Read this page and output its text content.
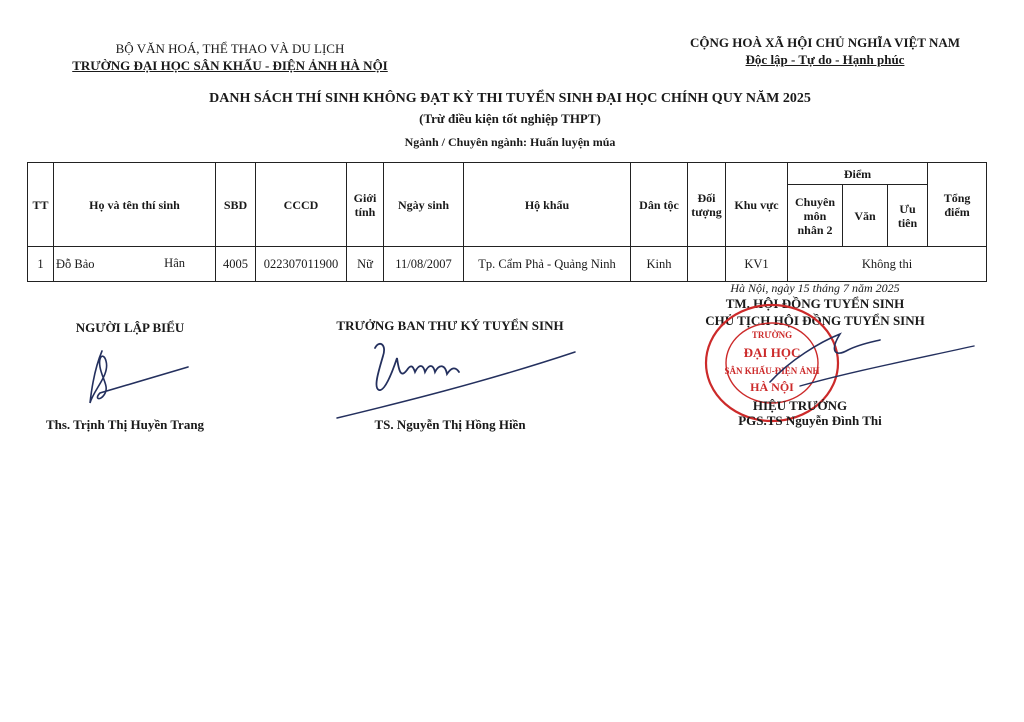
BỘ VĂN HOÁ, THỂ THAO VÀ DU LỊCH
TRƯỜNG ĐẠI HỌC SÂN KHẤU - ĐIỆN ẢNH HÀ NỘI
CỘNG HOÀ XÃ HỘI CHỦ NGHĨA VIỆT NAM
Độc lập - Tự do - Hạnh phúc
DANH SÁCH THÍ SINH KHÔNG ĐẠT KỲ THI TUYỂN SINH ĐẠI HỌC CHÍNH QUY NĂM 2025
(Trừ điều kiện tốt nghiệp THPT)
Ngành / Chuyên ngành: Huấn luyện múa
TT	Họ và tên thí sinh	SBD	CCCD	Giới tính	Ngày sinh	Hộ khẩu	Dân tộc	Đối tượng	Khu vực	Điểm			Tổng điểm
										Chuyên môn nhân 2	Văn	Ưu tiên	
1	Đỗ Bảo Hân	4005	022307011900	Nữ	11/08/2007	Tp. Cẩm Phả - Quảng Ninh	Kinh		KV1	Không thi			
Hà Nội, ngày 15 tháng 7 năm 2025
NGƯỜI LẬP BIỂU
Ths. Trịnh Thị Huyền Trang
TRƯỞNG BAN THƯ KÝ TUYỂN SINH
TS. Nguyễn Thị Hồng Hiền
TM. HỘI ĐỒNG TUYỂN SINH
CHỦ TỊCH HỘI ĐỒNG TUYỂN SINH
TRƯỜNG
ĐẠI HỌC
SÂN KHẤU-ĐIỆN ẢNH
HÀ NỘI
HIỆU TRƯỞNG
PGS.TS Nguyễn Đình Thi
